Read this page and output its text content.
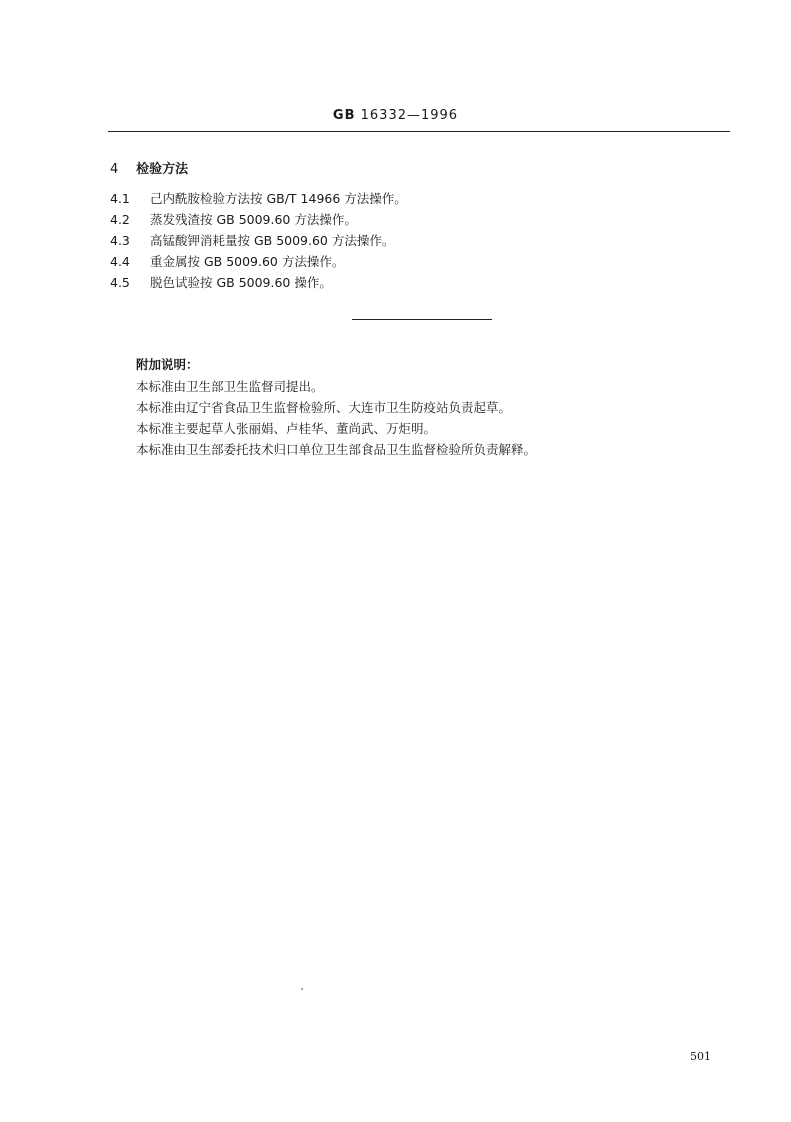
GB 16332—1996
4 检验方法
4.1 己内酰胺检验方法按 GB/T 14966 方法操作。
4.2 蒸发残渣按 GB 5009.60 方法操作。
4.3 高锰酸钾消耗量按 GB 5009.60 方法操作。
4.4 重金属按 GB 5009.60 方法操作。
4.5 脱色试验按 GB 5009.60 操作。
附加说明：
本标准由卫生部卫生监督司提出。
本标准由辽宁省食品卫生监督检验所、大连市卫生防疫站负责起草。
本标准主要起草人张丽娟、卢桂华、董尚武、万炬明。
本标准由卫生部委托技术归口单位卫生部食品卫生监督检验所负责解释。
501
